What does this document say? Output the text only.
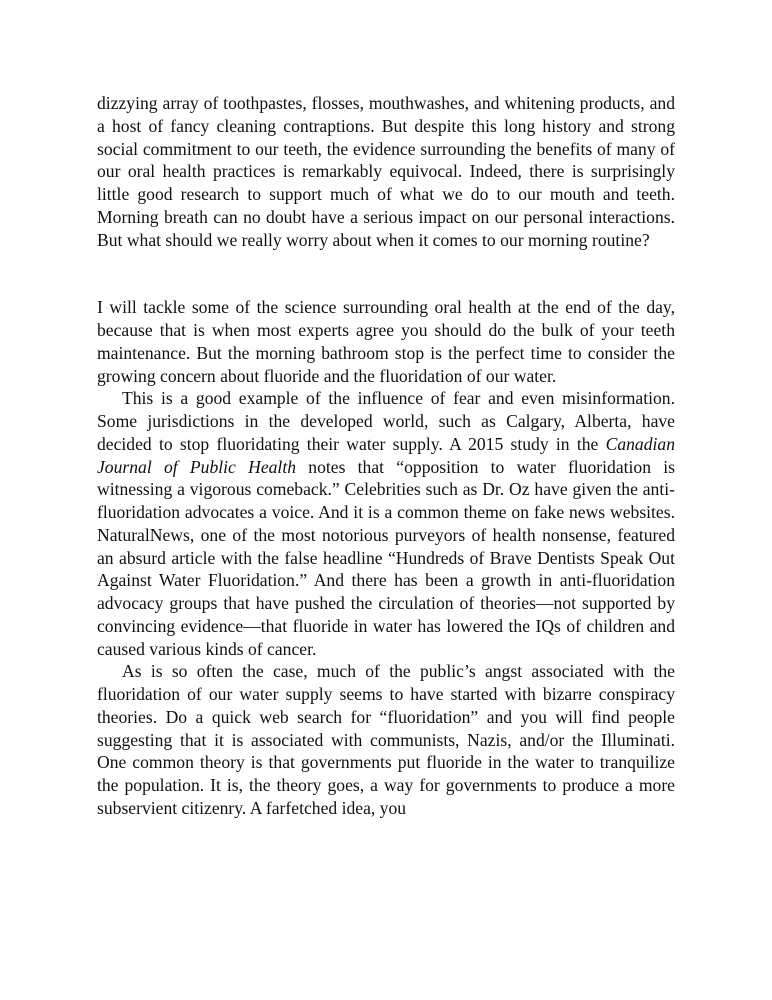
dizzying array of toothpastes, flosses, mouthwashes, and whitening products, and a host of fancy cleaning contraptions. But despite this long history and strong social commitment to our teeth, the evidence surrounding the benefits of many of our oral health practices is remarkably equivocal. Indeed, there is surprisingly little good research to support much of what we do to our mouth and teeth. Morning breath can no doubt have a serious impact on our personal interactions. But what should we really worry about when it comes to our morning routine?

I will tackle some of the science surrounding oral health at the end of the day, because that is when most experts agree you should do the bulk of your teeth maintenance. But the morning bathroom stop is the perfect time to consider the growing concern about fluoride and the fluoridation of our water.

This is a good example of the influence of fear and even misinformation. Some jurisdictions in the developed world, such as Calgary, Alberta, have decided to stop fluoridating their water supply. A 2015 study in the Canadian Journal of Public Health notes that “opposition to water fluoridation is witnessing a vigorous comeback.” Celebrities such as Dr. Oz have given the anti-fluoridation advocates a voice. And it is a common theme on fake news websites. NaturalNews, one of the most notorious purveyors of health nonsense, featured an absurd article with the false headline “Hundreds of Brave Dentists Speak Out Against Water Fluoridation.” And there has been a growth in anti-fluoridation advocacy groups that have pushed the circulation of theories—not supported by convincing evidence—that fluoride in water has lowered the IQs of children and caused various kinds of cancer.

As is so often the case, much of the public’s angst associated with the fluoridation of our water supply seems to have started with bizarre conspiracy theories. Do a quick web search for “fluoridation” and you will find people suggesting that it is associated with communists, Nazis, and/or the Illuminati. One common theory is that governments put fluoride in the water to tranquilize the population. It is, the theory goes, a way for governments to produce a more subservient citizenry. A farfetched idea, you
